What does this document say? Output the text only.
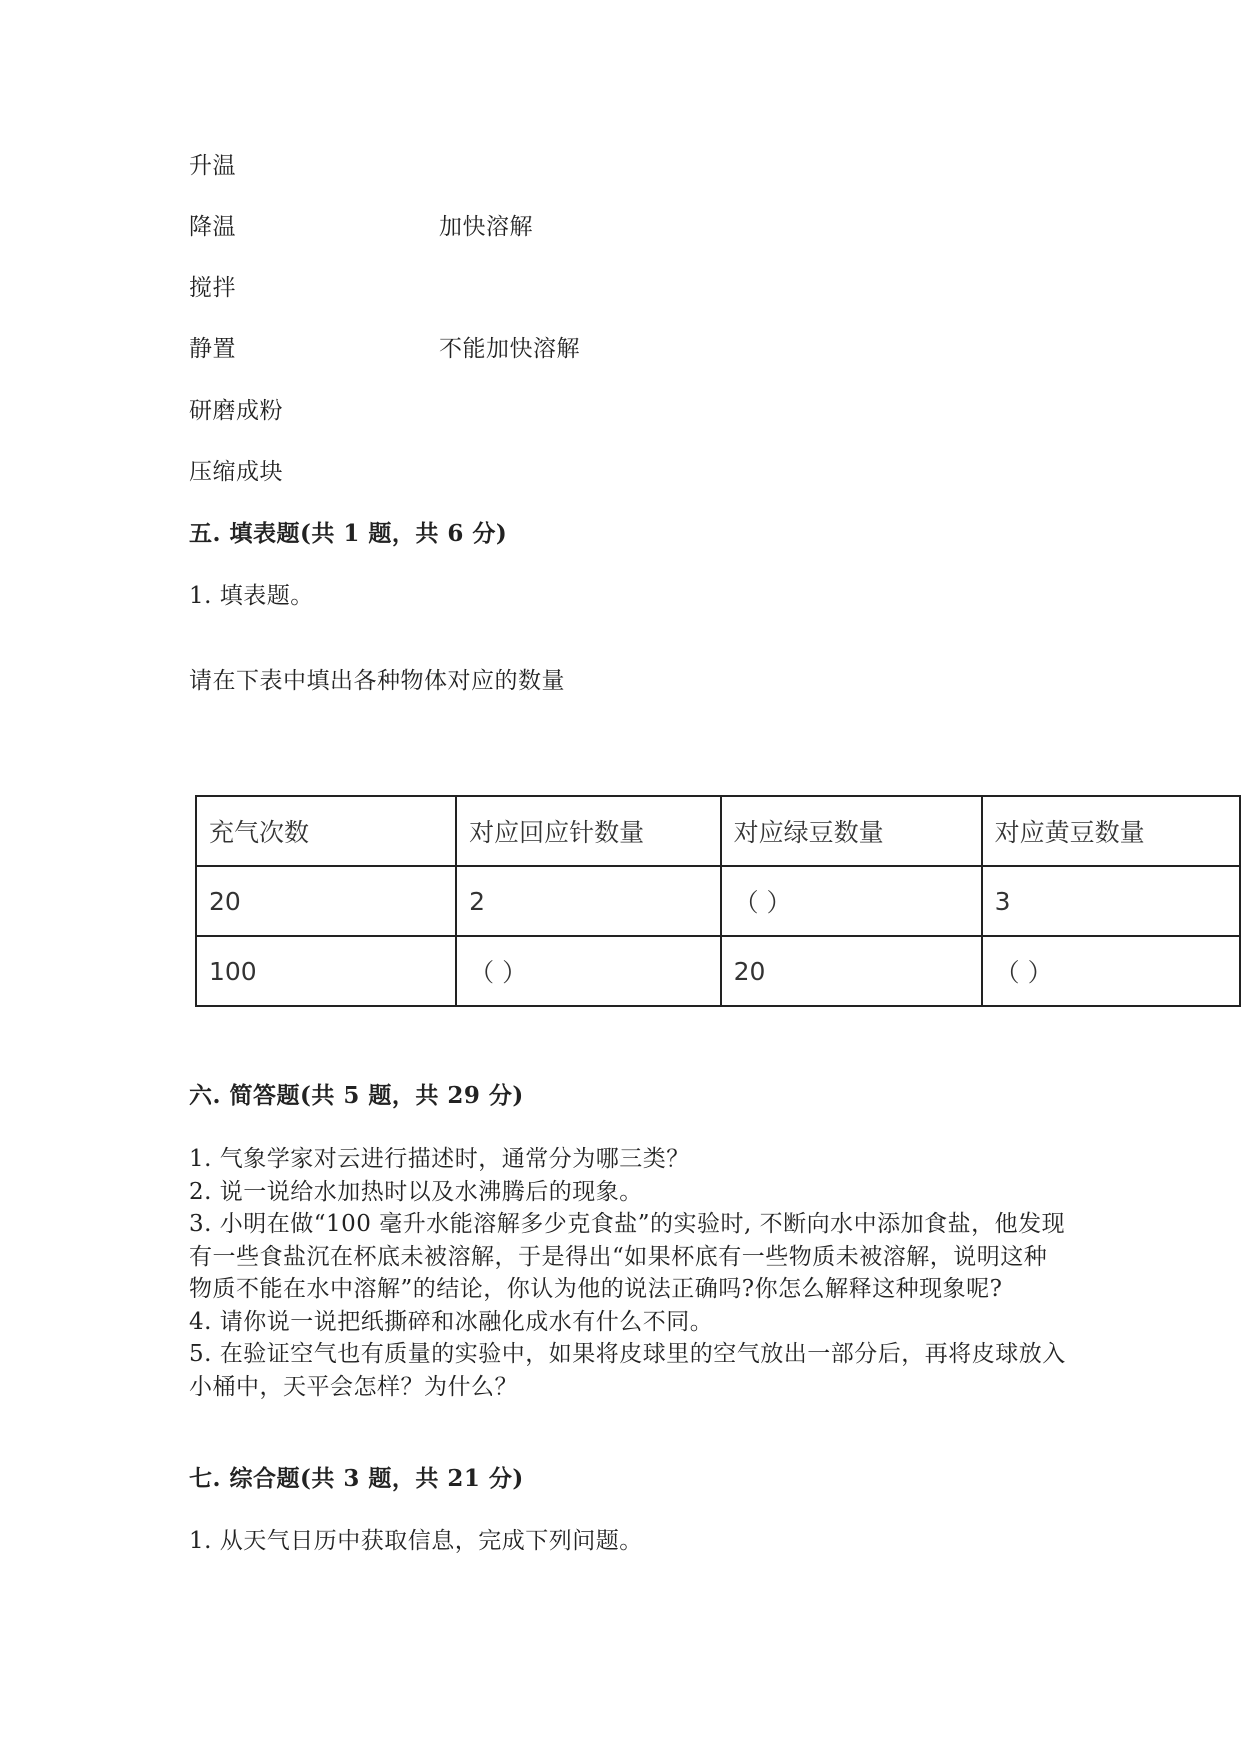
升温
降温	加快溶解
搅拌
静置	不能加快溶解
研磨成粉
压缩成块
五. 填表题(共 1 题，共 6 分)
1. 填表题。
请在下表中填出各种物体对应的数量
充气次数	对应回应针数量	对应绿豆数量	对应黄豆数量
20	2	（ ）	3
100	（ ）	20	（ ）
六. 简答题(共 5 题，共 29 分)
1. 气象学家对云进行描述时，通常分为哪三类？
2. 说一说给水加热时以及水沸腾后的现象。
3. 小明在做“100 毫升水能溶解多少克食盐”的实验时, 不断向水中添加食盐，他发现有一些食盐沉在杯底未被溶解，于是得出“如果杯底有一些物质未被溶解，说明这种物质不能在水中溶解”的结论，你认为他的说法正确吗?你怎么解释这种现象呢?
4. 请你说一说把纸撕碎和冰融化成水有什么不同。
5. 在验证空气也有质量的实验中，如果将皮球里的空气放出一部分后，再将皮球放入小桶中，天平会怎样？为什么？
七. 综合题(共 3 题，共 21 分)
1. 从天气日历中获取信息，完成下列问题。
